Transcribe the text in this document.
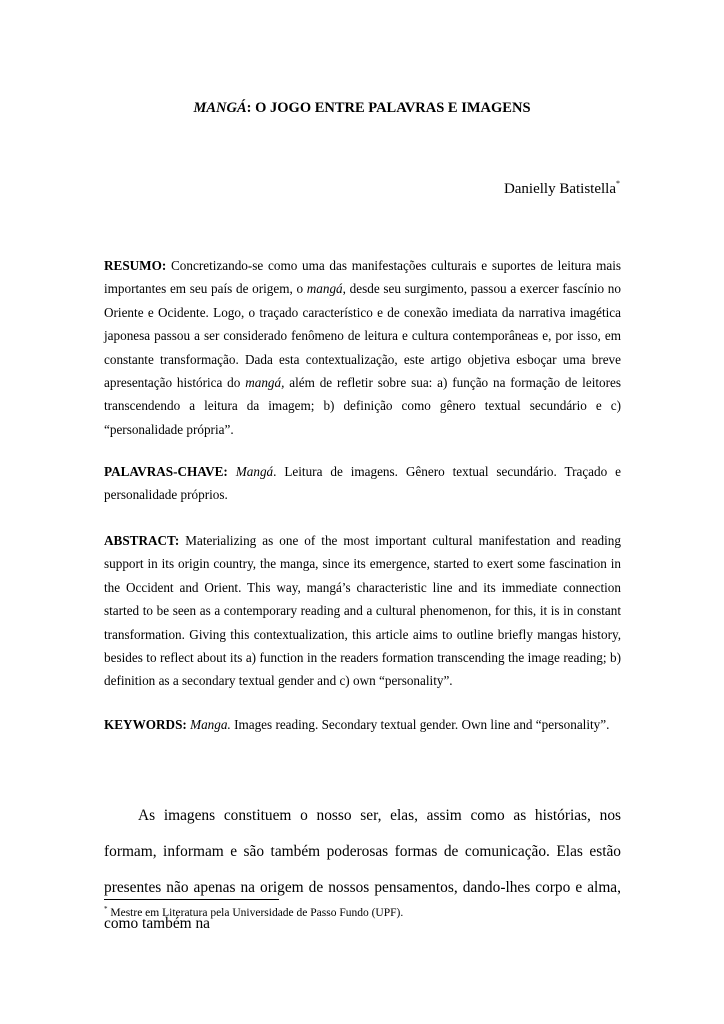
MANGÁ: O JOGO ENTRE PALAVRAS E IMAGENS
Danielly Batistella*

RESUMO: Concretizando-se como uma das manifestações culturais e suportes de leitura mais importantes em seu país de origem, o mangá, desde seu surgimento, passou a exercer fascínio no Oriente e Ocidente. Logo, o traçado característico e de conexão imediata da narrativa imagética japonesa passou a ser considerado fenômeno de leitura e cultura contemporâneas e, por isso, em constante transformação. Dada esta contextualização, este artigo objetiva esboçar uma breve apresentação histórica do mangá, além de refletir sobre sua: a) função na formação de leitores transcendendo a leitura da imagem; b) definição como gênero textual secundário e c) “personalidade própria”.

PALAVRAS-CHAVE: Mangá. Leitura de imagens. Gênero textual secundário. Traçado e personalidade próprios.

ABSTRACT: Materializing as one of the most important cultural manifestation and reading support in its origin country, the manga, since its emergence, started to exert some fascination in the Occident and Orient. This way, mangá’s characteristic line and its immediate connection started to be seen as a contemporary reading and a cultural phenomenon, for this, it is in constant transformation. Giving this contextualization, this article aims to outline briefly mangas history, besides to reflect about its a) function in the readers formation transcending the image reading; b) definition as a secondary textual gender and c) own “personality”.

KEYWORDS: Manga. Images reading. Secondary textual gender. Own line and “personality”.

As imagens constituem o nosso ser, elas, assim como as histórias, nos formam, informam e são também poderosas formas de comunicação. Elas estão presentes não apenas na origem de nossos pensamentos, dando-lhes corpo e alma, como também na

* Mestre em Literatura pela Universidade de Passo Fundo (UPF).
